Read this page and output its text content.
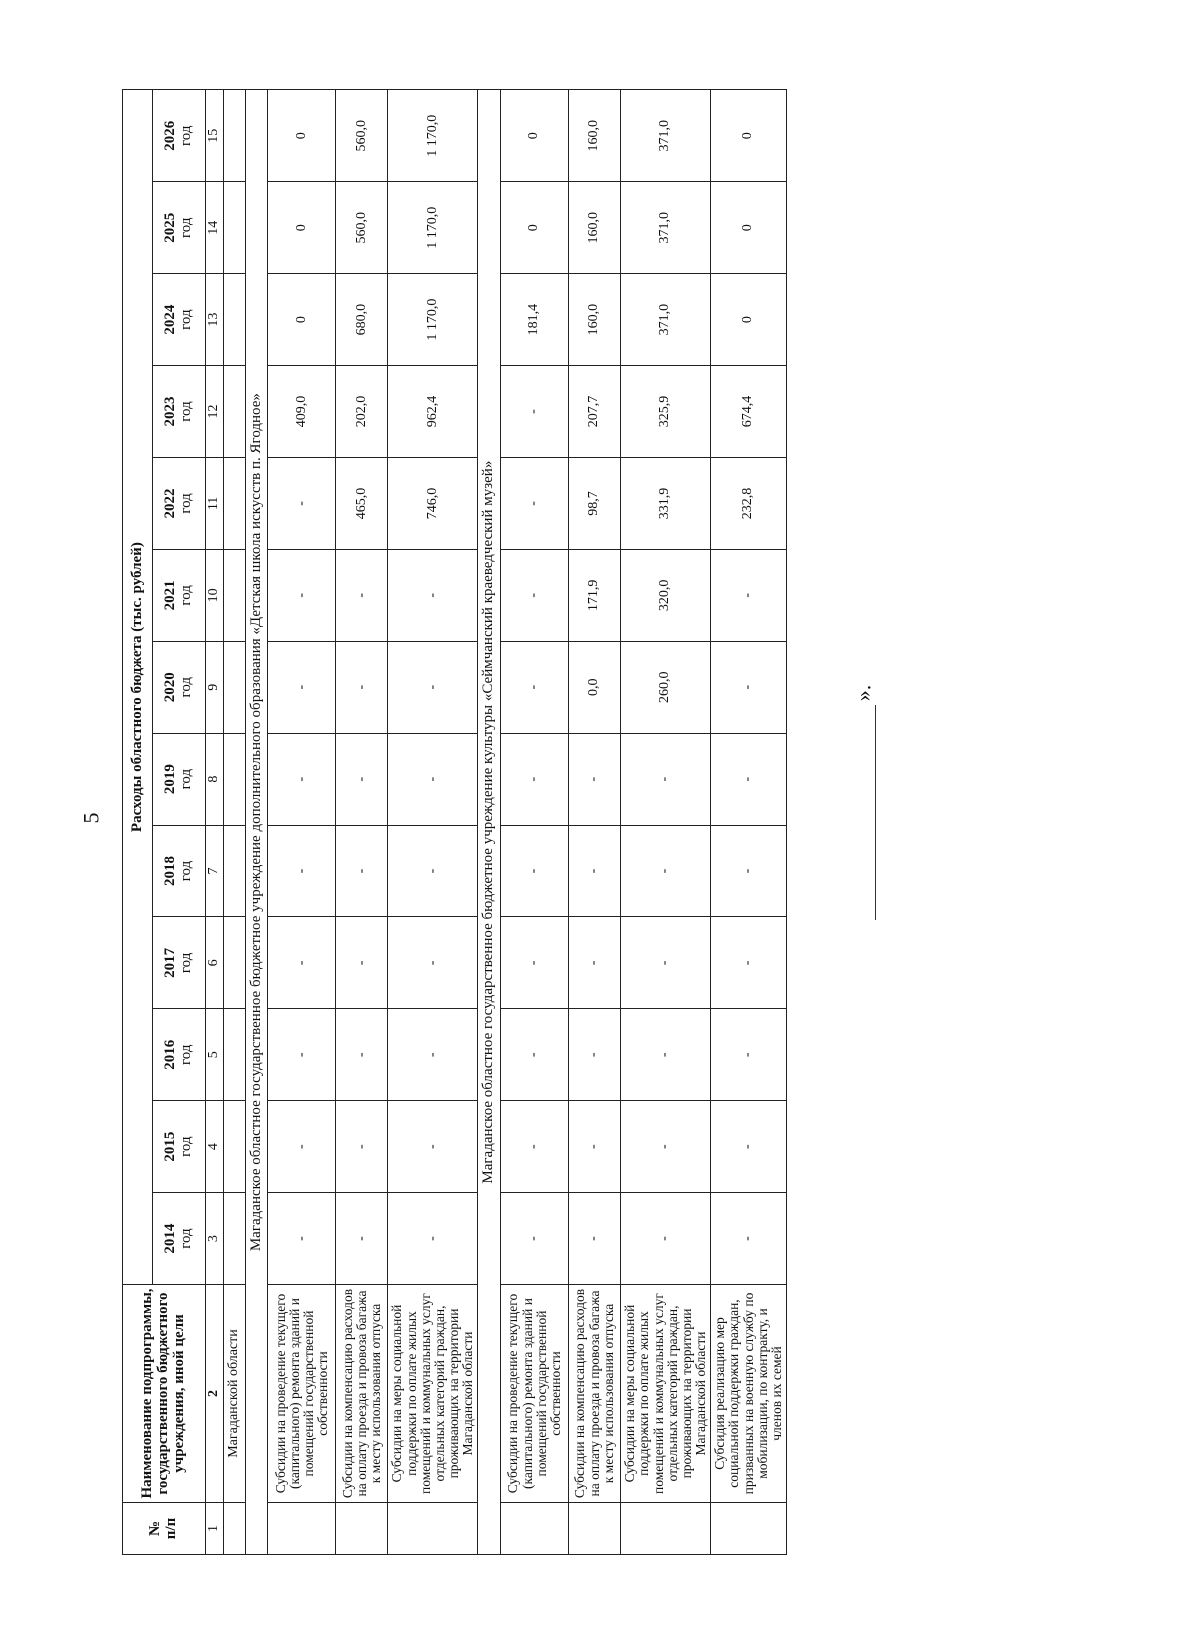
5
».
№
п/п	Наименование подпрограммы, государственного бюджетного учреждения, иной цели	Расходы областного бюджета (тыс. рублей)												
		2014
год	2015
год	2016
год	2017
год	2018
год	2019
год	2020
год	2021
год	2022
год	2023
год	2024
год	2025
год	2026
год
1	2	3	4	5	6	7	8	9	10	11	12	13	14	15
	Магаданской области													
Магаданское областное государственное бюджетное учреждение дополнительного образования «Детская школа искусств п. Ягодное»														
	Субсидии на проведение текущего (капитального) ремонта зданий и помещений государственной собственности	-	-	-	-	-	-	-	-	-	409,0	0	0	0
	Субсидии на компенсацию расходов на оплату проезда и провоза багажа к месту использования отпуска	-	-	-	-	-	-	-	-	465,0	202,0	680,0	560,0	560,0
	Субсидии на меры социальной поддержки по оплате жилых помещений и коммунальных услуг отдельных категорий граждан, проживающих на территории Магаданской области	-	-	-	-	-	-	-	-	746,0	962,4	1 170,0	1 170,0	1 170,0
Магаданское областное государственное бюджетное учреждение культуры «Сеймчанский краеведческий музей»														
	Субсидии на проведение текущего (капитального) ремонта зданий и помещений государственной собственности	-	-	-	-	-	-	-	-	-	-	181,4	0	0
	Субсидии на компенсацию расходов на оплату проезда и провоза багажа к месту использования отпуска	-	-	-	-	-	-	0,0	171,9	98,7	207,7	160,0	160,0	160,0
	Субсидии на меры социальной поддержки по оплате жилых помещений и коммунальных услуг отдельных категорий граждан, проживающих на территории Магаданской области	-	-	-	-	-	-	260,0	320,0	331,9	325,9	371,0	371,0	371,0
	Субсидия реализацию мер социальной поддержки граждан, призванных на военную службу по мобилизации, по контракту, и членов их семей	-	-	-	-	-	-	-	-	232,8	674,4	0	0	0
